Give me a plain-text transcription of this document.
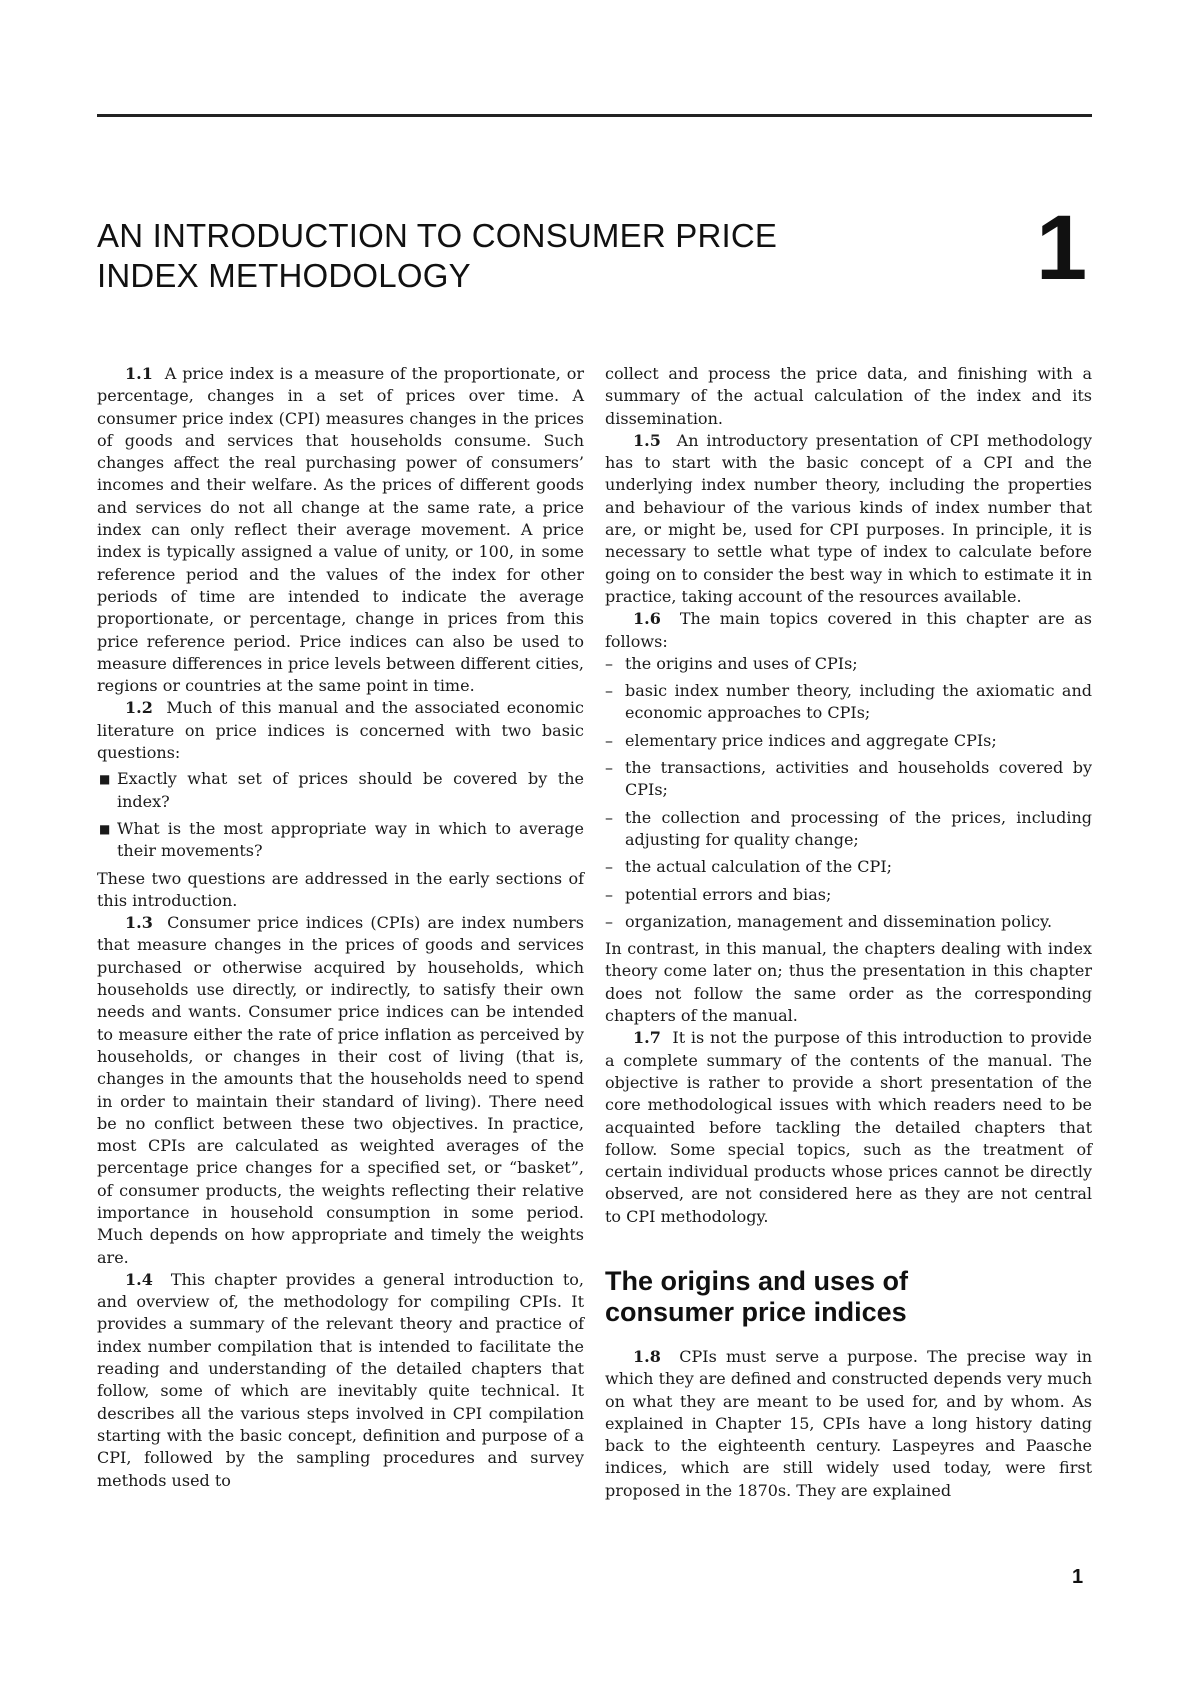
AN INTRODUCTION TO CONSUMER PRICE
INDEX METHODOLOGY	1

1.1 A price index is a measure of the proportionate, or percentage, changes in a set of prices over time. A consumer price index (CPI) measures changes in the prices of goods and services that households consume. Such changes affect the real purchasing power of consumers’ incomes and their welfare. As the prices of different goods and services do not all change at the same rate, a price index can only reflect their average movement. A price index is typically assigned a value of unity, or 100, in some reference period and the values of the index for other periods of time are intended to indicate the average proportionate, or percentage, change in prices from this price reference period. Price indices can also be used to measure differences in price levels between different cities, regions or countries at the same point in time.

1.2 Much of this manual and the associated economic literature on price indices is concerned with two basic questions:

■ Exactly what set of prices should be covered by the index?
■ What is the most appropriate way in which to average their movements?

These two questions are addressed in the early sections of this introduction.

1.3 Consumer price indices (CPIs) are index numbers that measure changes in the prices of goods and services purchased or otherwise acquired by households, which households use directly, or indirectly, to satisfy their own needs and wants. Consumer price indices can be intended to measure either the rate of price inflation as perceived by households, or changes in their cost of living (that is, changes in the amounts that the households need to spend in order to maintain their standard of living). There need be no conflict between these two objectives. In practice, most CPIs are calculated as weighted averages of the percentage price changes for a specified set, or “basket”, of consumer products, the weights reflecting their relative importance in household consumption in some period. Much depends on how appropriate and timely the weights are.

1.4 This chapter provides a general introduction to, and overview of, the methodology for compiling CPIs. It provides a summary of the relevant theory and practice of index number compilation that is intended to facilitate the reading and understanding of the detailed chapters that follow, some of which are inevitably quite technical. It describes all the various steps involved in CPI compilation starting with the basic concept, definition and purpose of a CPI, followed by the sampling procedures and survey methods used to

collect and process the price data, and finishing with a summary of the actual calculation of the index and its dissemination.

1.5 An introductory presentation of CPI methodology has to start with the basic concept of a CPI and the underlying index number theory, including the properties and behaviour of the various kinds of index number that are, or might be, used for CPI purposes. In principle, it is necessary to settle what type of index to calculate before going on to consider the best way in which to estimate it in practice, taking account of the resources available.

1.6 The main topics covered in this chapter are as follows:

– the origins and uses of CPIs;
– basic index number theory, including the axiomatic and economic approaches to CPIs;
– elementary price indices and aggregate CPIs;
– the transactions, activities and households covered by CPIs;
– the collection and processing of the prices, including adjusting for quality change;
– the actual calculation of the CPI;
– potential errors and bias;
– organization, management and dissemination policy.

In contrast, in this manual, the chapters dealing with index theory come later on; thus the presentation in this chapter does not follow the same order as the corresponding chapters of the manual.

1.7 It is not the purpose of this introduction to provide a complete summary of the contents of the manual. The objective is rather to provide a short presentation of the core methodological issues with which readers need to be acquainted before tackling the detailed chapters that follow. Some special topics, such as the treatment of certain individual products whose prices cannot be directly observed, are not considered here as they are not central to CPI methodology.

The origins and uses of
consumer price indices

1.8 CPIs must serve a purpose. The precise way in which they are defined and constructed depends very much on what they are meant to be used for, and by whom. As explained in Chapter 15, CPIs have a long history dating back to the eighteenth century. Laspeyres and Paasche indices, which are still widely used today, were first proposed in the 1870s. They are explained

1
